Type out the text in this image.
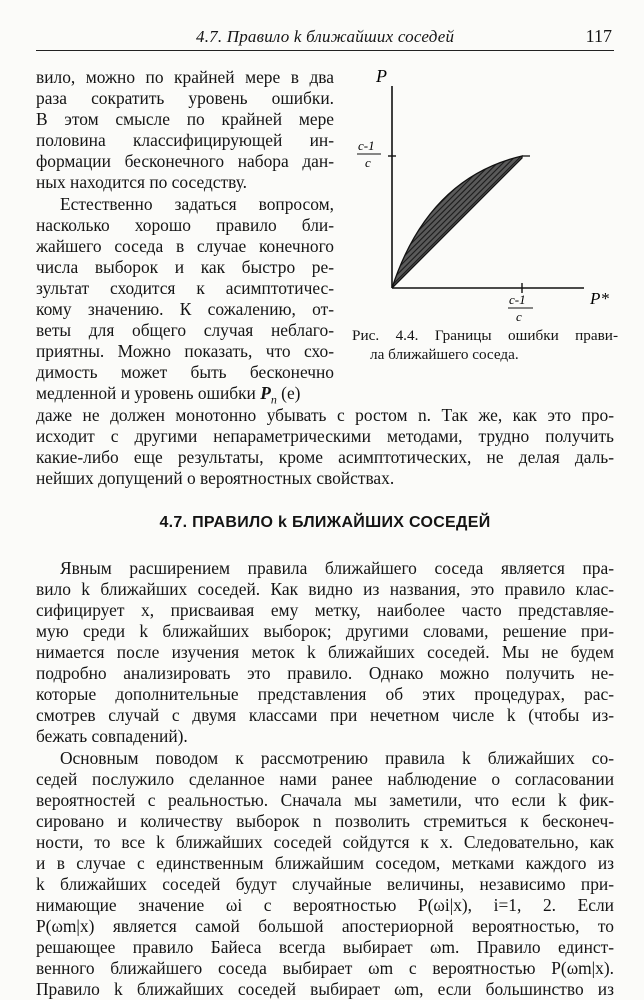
4.7. Правило k ближайших соседей	117

вило, можно по крайней мере в два

раза сократить уровень ошибки.

В этом смысле по крайней мере

половина классифицирующей ин-

формации бесконечного набора дан-

ных находится по соседству.

Естественно задаться вопросом,

насколько хорошо правило бли-

жайшего соседа в случае конечного

числа выборок и как быстро ре-

зультат сходится к асимптотичес-

кому значению. К сожалению, от-

веты для общего случая неблаго-

приятны. Можно показать, что схо-

димость может быть бесконечно

медленной и уровень ошибки $P_n$ (e)

даже не должен монотонно убывать с ростом n. Так же, как это про-

исходит с другими непараметрическими методами, трудно получить

какие-либо еще результаты, кроме асимптотических, не делая даль-

нейших допущений о вероятностных свойствах.

P
P*
c-1
c
c-1
c

Рис. 4.4. Границы ошибки прави-
ла ближайшего соседа.

4.7. ПРАВИЛО k БЛИЖАЙШИХ СОСЕДЕЙ

Явным расширением правила ближайшего соседа является пра-

вило k ближайших соседей. Как видно из названия, это правило клас-

сифицирует x, присваивая ему метку, наиболее часто представляе-

мую среди k ближайших выборок; другими словами, решение при-

нимается после изучения меток k ближайших соседей. Мы не будем

подробно анализировать это правило. Однако можно получить не-

которые дополнительные представления об этих процедурах, рас-

смотрев случай с двумя классами при нечетном числе k (чтобы из-

бежать совпадений).

Основным поводом к рассмотрению правила k ближайших со-

седей послужило сделанное нами ранее наблюдение о согласовании

вероятностей с реальностью. Сначала мы заметили, что если k фик-

сировано и количеству выборок n позволить стремиться к бесконеч-

ности, то все k ближайших соседей сойдутся к x. Следовательно, как

и в случае с единственным ближайшим соседом, метками каждого из

k ближайших соседей будут случайные величины, независимо при-

нимающие значение ωi с вероятностью P(ωi|x), i=1, 2. Если

P(ωm|x) является самой большой апостериорной вероятностью, то

решающее правило Байеса всегда выбирает ωm. Правило единст-

венного ближайшего соседа выбирает ωm с вероятностью P(ωm|x).

Правило k ближайших соседей выбирает ωm, если большинство из
